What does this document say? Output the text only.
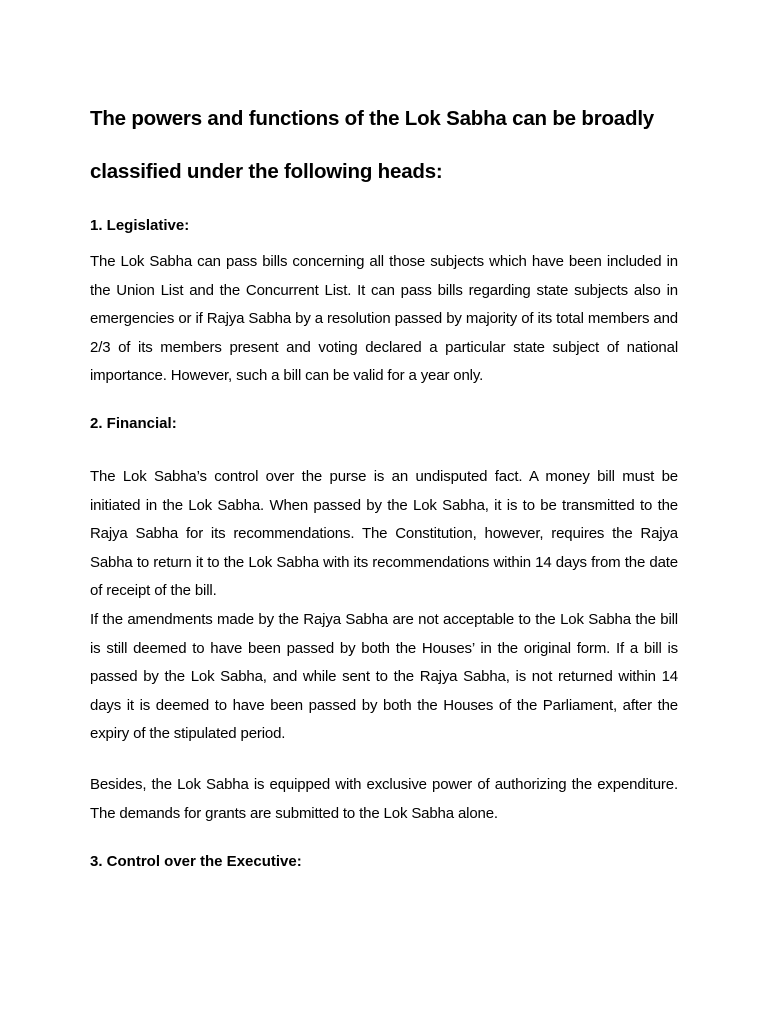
The powers and functions of the Lok Sabha can be broadly classified under the following heads:
1. Legislative:

The Lok Sabha can pass bills concerning all those subjects which have been included in the Union List and the Concurrent List. It can pass bills regarding state subjects also in emergencies or if Rajya Sabha by a resolution passed by majority of its total members and 2/3 of its members present and voting declared a particular state subject of national importance. However, such a bill can be valid for a year only.

2. Financial:

The Lok Sabha’s control over the purse is an undisputed fact. A money bill must be initiated in the Lok Sabha. When passed by the Lok Sabha, it is to be transmitted to the Rajya Sabha for its recommendations. The Constitution, however, requires the Rajya Sabha to return it to the Lok Sabha with its recommendations within 14 days from the date of receipt of the bill.

If the amendments made by the Rajya Sabha are not acceptable to the Lok Sabha the bill is still deemed to have been passed by both the Houses’ in the original form. If a bill is passed by the Lok Sabha, and while sent to the Rajya Sabha, is not returned within 14 days it is deemed to have been passed by both the Houses of the Parliament, after the expiry of the stipulated period.

Besides, the Lok Sabha is equipped with exclusive power of authorizing the expenditure. The demands for grants are submitted to the Lok Sabha alone.

3. Control over the Executive:
